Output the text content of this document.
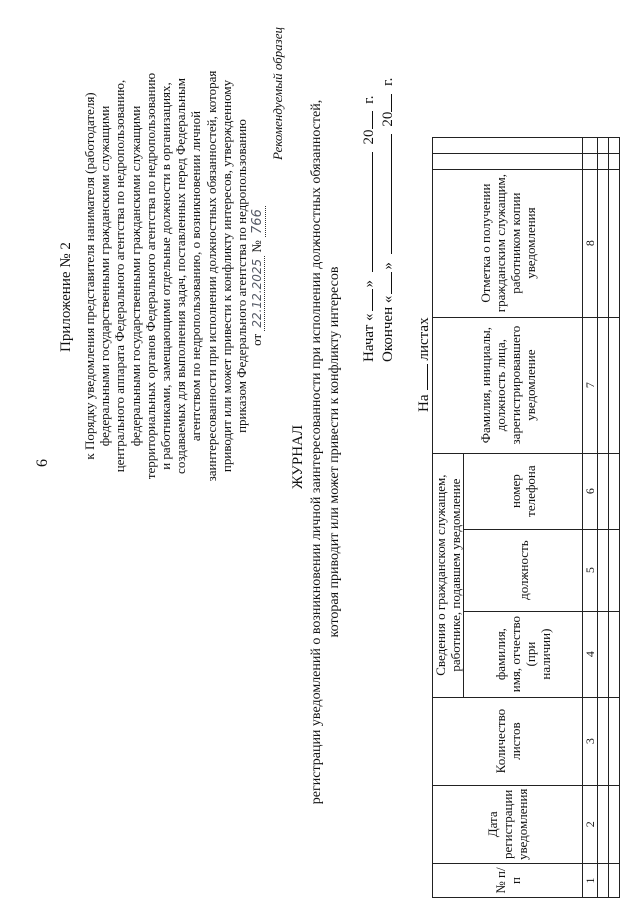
6
Приложение № 2 к Порядку уведомления представителя нанимателя (работодателя) федеральными государственными гражданскими служащими центрального аппарата Федерального агентства по недропользованию, федеральными государственными гражданскими служащими территориальных органов Федерального агентства по недропользованию и работниками, замещающими отдельные должности в организациях, создаваемых для выполнения задач, поставленных перед Федеральным агентством по недропользованию, о возникновении личной заинтересованности при исполнении должностных обязанностей, которая приводит или может привести к конфликту интересов, утвержденному приказом Федерального агентства по недропользованию от 22.12.2025 № 766
Рекомендуемый образец
ЖУРНАЛ регистрации уведомлений о возникновении личной заинтересованности при исполнении должностных обязанностей, которая приводит или может привести к конфликту интересов Начат «»  20 г.
Окончен «»  20 г.
Налистах
№ п/п	Дата регистрации уведомления	Количество листов	Сведения о гражданском служащем, работнике, подавшем уведомление			Фамилия, инициалы, должность лица, зарегистрировавшего уведомление	Отметка о получении гражданским служащим, работником копии уведомления		

			фамилия, имя, отчество (при наличии)	должность	номер телефона				

1	2	3	4	5	6	7	8		
